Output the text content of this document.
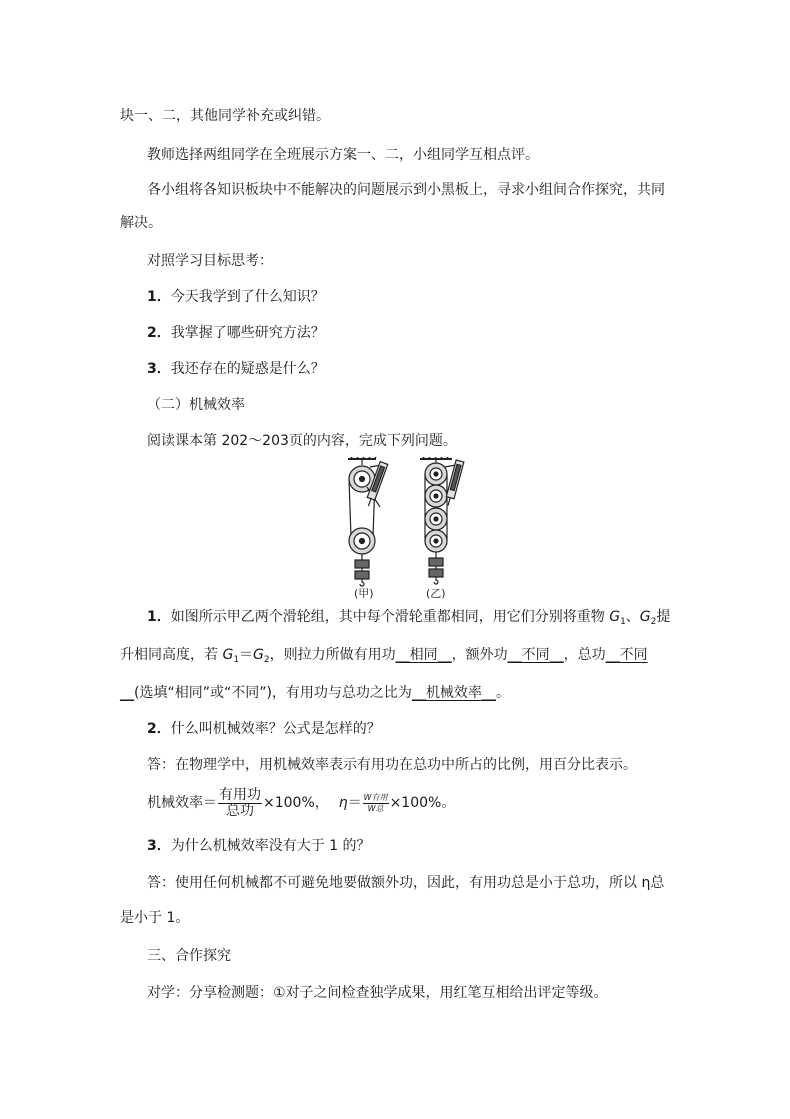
块一、二，其他同学补充或纠错。
教师选择两组同学在全班展示方案一、二，小组同学互相点评。
各小组将各知识板块中不能解决的问题展示到小黑板上，寻求小组间合作探究，共同
解决。
对照学习目标思考：
1．今天我学到了什么知识？
2．我掌握了哪些研究方法？
3．我还存在的疑惑是什么？
（二）机械效率
阅读课本第 202～203页的内容，完成下列问题。
(甲)	(乙)
1．如图所示甲乙两个滑轮组，其中每个滑轮重都相同，用它们分别将重物 $G_1$、$G_2$提
升相同高度，若 $G_1=G_2$，则拉力所做有用功__相同__，额外功__不同__，总功__不同
__(选填“相同”或“不同”)，有用功与总功之比为__机械效率__。
2．什么叫机械效率？公式是怎样的？
答：在物理学中，用机械效率表示有用功在总功中所占的比例，用百分比表示。
机械效率＝ $\frac{\text{有用功}}{\text{总功}} \times 100\%$， $\eta= \frac{\text{W有用}}{\text{W总}} \times 100\%$。
3．为什么机械效率没有大于 1 的？
答：使用任何机械都不可避免地要做额外功，因此，有用功总是小于总功，所以 η总
是小于 1。
三、合作探究
对学：分享检测题：①对子之间检查独学成果，用红笔互相给出评定等级。
